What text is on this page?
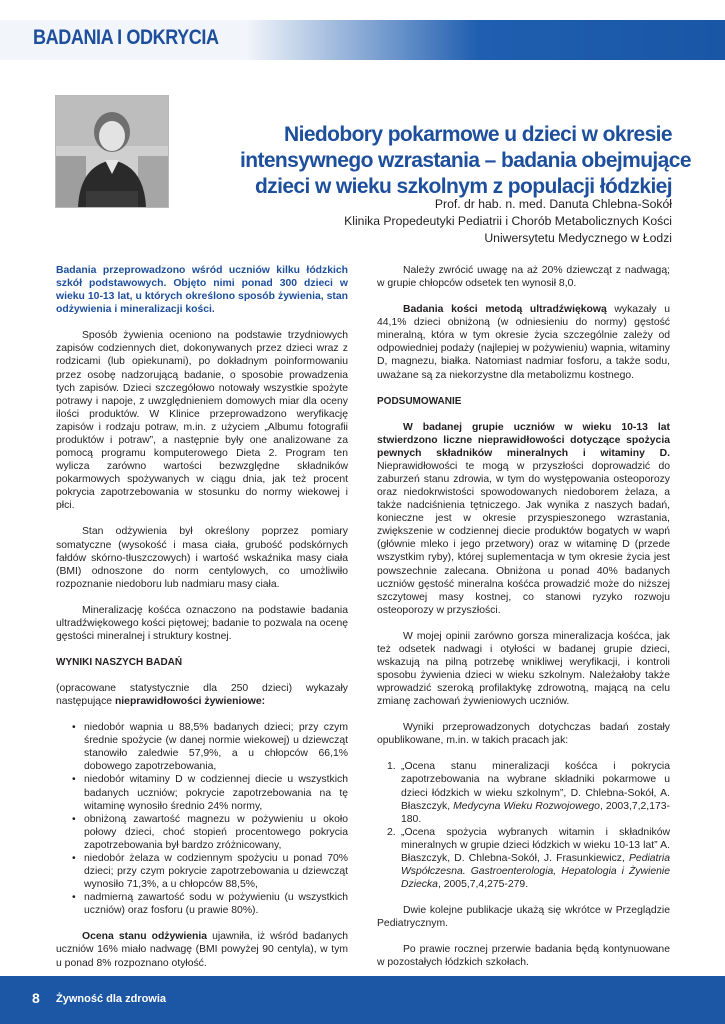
BADANIA I ODKRYCIA
Niedobory pokarmowe u dzieci w okresie
intensywnego wzrastania – badania obejmujące
dzieci w wieku szkolnym z populacji łódzkiej
Prof. dr hab. n. med. Danuta Chlebna-Sokół
Klinika Propedeutyki Pediatrii i Chorób Metabolicznych Kości
Uniwersytetu Medycznego w Łodzi

Badania przeprowadzono wśród uczniów kilku łódzkich szkół podstawowych. Objęto nimi ponad 300 dzieci w wieku 10-13 lat, u których określono sposób żywienia, stan odżywienia i mineralizacji kości.

Sposób żywienia oceniono na podstawie trzydniowych zapisów codziennych diet, dokonywanych przez dzieci wraz z rodzicami (lub opiekunami), po dokładnym poinformowaniu przez osobę nadzorującą badanie, o sposobie prowadzenia tych zapisów. Dzieci szczegółowo notowały wszystkie spożyte potrawy i napoje, z uwzględnieniem domowych miar dla oceny ilości produktów. W Klinice przeprowadzono weryfikację zapisów i rodzaju potraw, m.in. z użyciem „Albumu fotografii produktów i potraw”, a następnie były one analizowane za pomocą programu komputerowego Dieta 2. Program ten wylicza zarówno wartości bezwzględne składników pokarmowych spożywanych w ciągu dnia, jak też procent pokrycia zapotrzebowania w stosunku do normy wiekowej i płci.

Stan odżywienia był określony poprzez pomiary somatyczne (wysokość i masa ciała, grubość podskórnych fałdów skórno-tłuszczowych) i wartość wskaźnika masy ciała (BMI) odnoszone do norm centylowych, co umożliwiło rozpoznanie niedoboru lub nadmiaru masy ciała.

Mineralizację kośćca oznaczono na podstawie badania ultradźwiękowego kości piętowej; badanie to pozwala na ocenę gęstości mineralnej i struktury kostnej.

WYNIKI NASZYCH BADAŃ

(opracowane statystycznie dla 250 dzieci) wykazały następujące nieprawidłowości żywieniowe:

• niedobór wapnia u 88,5% badanych dzieci; przy czym średnie spożycie (w danej normie wiekowej) u dziewcząt stanowiło zaledwie 57,9%, a u chłopców 66,1% dobowego zapotrzebowania,
• niedobór witaminy D w codziennej diecie u wszystkich badanych uczniów; pokrycie zapotrzebowania na tę witaminę wynosiło średnio 24% normy,
• obniżoną zawartość magnezu w pożywieniu u około połowy dzieci, choć stopień procentowego pokrycia zapotrzebowania był bardzo zróżnicowany,
• niedobór żelaza w codziennym spożyciu u ponad 70% dzieci; przy czym pokrycie zapotrzebowania u dziewcząt wynosiło 71,3%, a u chłopców 88,5%,
• nadmierną zawartość sodu w pożywieniu (u wszystkich uczniów) oraz fosforu (u prawie 80%).

Ocena stanu odżywienia ujawniła, iż wśród badanych uczniów 16% miało nadwagę (BMI powyżej 90 centyla), w tym u ponad 8% rozpoznano otyłość.

Należy zwrócić uwagę na aż 20% dziewcząt z nadwagą; w grupie chłopców odsetek ten wynosił 8,0.

Badania kości metodą ultradźwiękową wykazały u 44,1% dzieci obniżoną (w odniesieniu do normy) gęstość mineralną, która w tym okresie życia szczególnie zależy od odpowiedniej podaży (najlepiej w pożywieniu) wapnia, witaminy D, magnezu, białka. Natomiast nadmiar fosforu, a także sodu, uważane są za niekorzystne dla metabolizmu kostnego.

PODSUMOWANIE

W badanej grupie uczniów w wieku 10-13 lat stwierdzono liczne nieprawidłowości dotyczące spożycia pewnych składników mineralnych i witaminy D. Nieprawidłowości te mogą w przyszłości doprowadzić do zaburzeń stanu zdrowia, w tym do występowania osteoporozy oraz niedokrwistości spowodowanych niedoborem żelaza, a także nadciśnienia tętniczego. Jak wynika z naszych badań, konieczne jest w okresie przyspieszonego wzrastania, zwiększenie w codziennej diecie produktów bogatych w wapń (głównie mleko i jego przetwory) oraz w witaminę D (przede wszystkim ryby), której suplementacja w tym okresie życia jest powszechnie zalecana. Obniżona u ponad 40% badanych uczniów gęstość mineralna kośćca prowadzić może do niższej szczytowej masy kostnej, co stanowi ryzyko rozwoju osteoporozy w przyszłości.

W mojej opinii zarówno gorsza mineralizacja kośćca, jak też odsetek nadwagi i otyłości w badanej grupie dzieci, wskazują na pilną potrzebę wnikliwej weryfikacji, i kontroli sposobu żywienia dzieci w wieku szkolnym. Należałoby także wprowadzić szeroką profilaktykę zdrowotną, mającą na celu zmianę zachowań żywieniowych uczniów.

Wyniki przeprowadzonych dotychczas badań zostały opublikowane, m.in. w takich pracach jak:

1. „Ocena stanu mineralizacji kośćca i pokrycia zapotrzebowania na wybrane składniki pokarmowe u dzieci łódzkich w wieku szkolnym”, D. Chlebna-Sokół, A. Błaszczyk, Medycyna Wieku Rozwojowego, 2003,7,2,173-180.
2. „Ocena spożycia wybranych witamin i składników mineralnych w grupie dzieci łódzkich w wieku 10-13 lat” A. Błaszczyk, D. Chlebna-Sokół, J. Frasunkiewicz, Pediatria Współczesna. Gastroenterologia, Hepatologia i Żywienie Dziecka, 2005,7,4,275-279.

Dwie kolejne publikacje ukażą się wkrótce w Przeglądzie Pediatrycznym.

Po prawie rocznej przerwie badania będą kontynuowane w pozostałych łódzkich szkołach.

8 Żywność dla zdrowia
